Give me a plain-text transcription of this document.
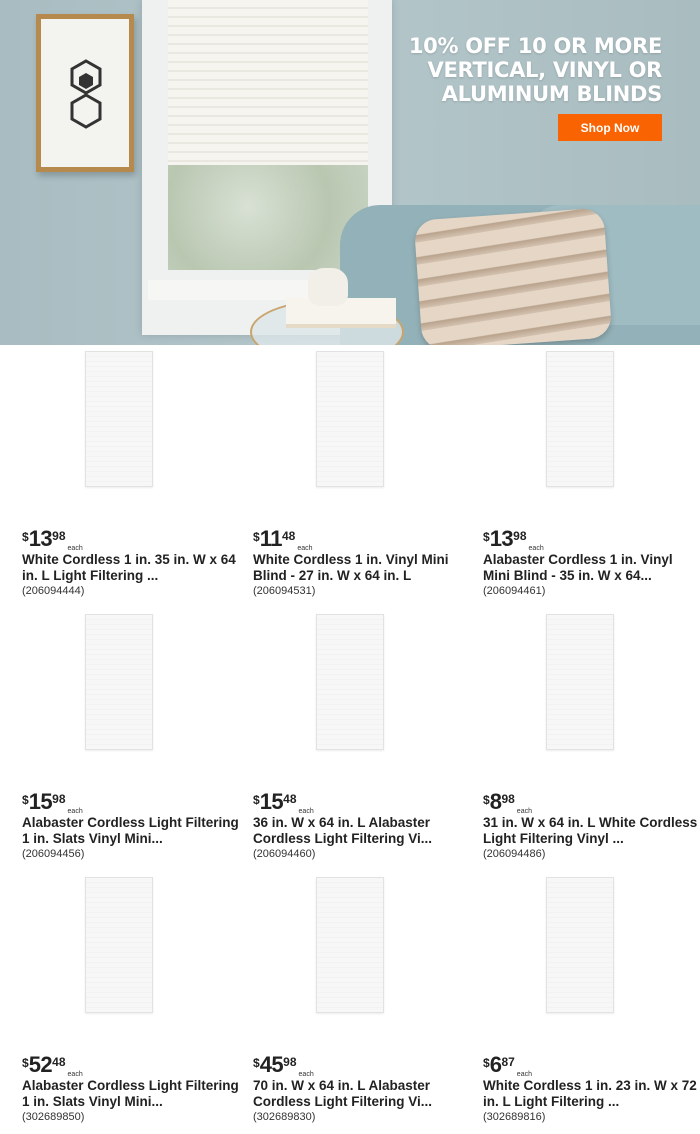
10% OFF 10 OR MORE
VERTICAL, VINYL OR
ALUMINUM BLINDS
Shop Now
$ 13 98
each
White Cordless 1 in. 35 in. W x 64 in. L Light Filtering ...
(206094444)
$ 11 48
each
White Cordless 1 in. Vinyl Mini Blind - 27 in. W x 64 in. L
(206094531)
$ 13 98
each
Alabaster Cordless 1 in. Vinyl Mini Blind - 35 in. W x 64...
(206094461)
$ 15 98
each
Alabaster Cordless Light Filtering 1 in. Slats Vinyl Mini...
(206094456)
$ 15 48
each
36 in. W x 64 in. L Alabaster Cordless Light Filtering Vi...
(206094460)
$ 8 98
each
31 in. W x 64 in. L White Cordless Light Filtering Vinyl ...
(206094486)
$ 52 48
each
Alabaster Cordless Light Filtering 1 in. Slats Vinyl Mini...
(302689850)
$ 45 98
each
70 in. W x 64 in. L Alabaster Cordless Light Filtering Vi...
(302689830)
$ 6 87
each
White Cordless 1 in. 23 in. W x 72 in. L Light Filtering ...
(302689816)
